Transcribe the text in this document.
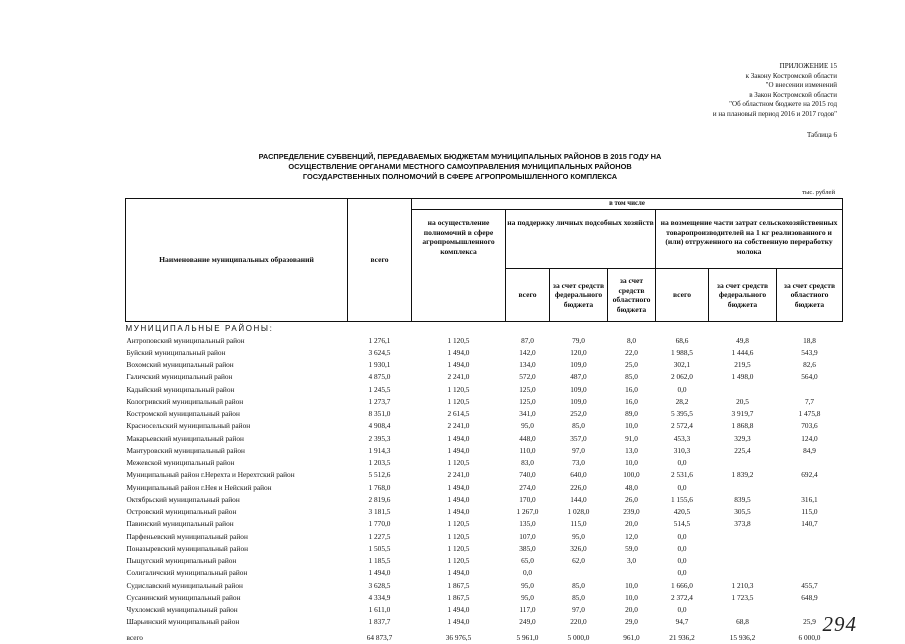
ПРИЛОЖЕНИЕ 15
к Закону Костромской области
"О внесении изменений
в Закон Костромской области
"Об областном бюджете на 2015 год
и на плановый период 2016 и 2017 годов"
Таблица 6
РАСПРЕДЕЛЕНИЕ СУБВЕНЦИЙ, ПЕРЕДАВАЕМЫХ БЮДЖЕТАМ МУНИЦИПАЛЬНЫХ РАЙОНОВ В 2015 ГОДУ НА
ОСУЩЕСТВЛЕНИЕ ОРГАНАМИ МЕСТНОГО САМОУПРАВЛЕНИЯ МУНИЦИПАЛЬНЫХ РАЙОНОВ
ГОСУДАРСТВЕННЫХ ПОЛНОМОЧИЙ В СФЕРЕ АГРОПРОМЫШЛЕННОГО КОМПЛЕКСА
тыс. рублей
Наименование муниципальных образований	всего	в том числе						
		на осуществление полномочий в сфере агропромышленного комплекса	на поддержку личных подсобных хозяйств			на возмещение части затрат сельскохозяйственных товаропроизводителей на 1 кг реализованного и (или) отгруженного на собственную переработку молока		
			всего	за счет средств федерального бюджета	за счет средств областного бюджета	всего	за счет средств федерального бюджета	за счет средств областного бюджета
МУНИЦИПАЛЬНЫЕ РАЙОНЫ:								
Антроповский муниципальный район	1 276,1	1 120,5	87,0	79,0	8,0	68,6	49,8	18,8
Буйский муниципальный район	3 624,5	1 494,0	142,0	120,0	22,0	1 988,5	1 444,6	543,9
Вохомский муниципальный район	1 930,1	1 494,0	134,0	109,0	25,0	302,1	219,5	82,6
Галичский муниципальный район	4 875,0	2 241,0	572,0	487,0	85,0	2 062,0	1 498,0	564,0
Кадыйский муниципальный район	1 245,5	1 120,5	125,0	109,0	16,0	0,0		
Кологривский муниципальный район	1 273,7	1 120,5	125,0	109,0	16,0	28,2	20,5	7,7
Костромской муниципальный район	8 351,0	2 614,5	341,0	252,0	89,0	5 395,5	3 919,7	1 475,8
Красносельский муниципальный район	4 908,4	2 241,0	95,0	85,0	10,0	2 572,4	1 868,8	703,6
Макарьевский муниципальный район	2 395,3	1 494,0	448,0	357,0	91,0	453,3	329,3	124,0
Мантуровский муниципальный район	1 914,3	1 494,0	110,0	97,0	13,0	310,3	225,4	84,9
Межевской муниципальный район	1 203,5	1 120,5	83,0	73,0	10,0	0,0		
Муниципальный район г.Нерехта и Нерехтский район	5 512,6	2 241,0	740,0	640,0	100,0	2 531,6	1 839,2	692,4
Муниципальный район г.Нея и Нейский район	1 768,0	1 494,0	274,0	226,0	48,0	0,0		
Октябрьский муниципальный район	2 819,6	1 494,0	170,0	144,0	26,0	1 155,6	839,5	316,1
Островский муниципальный район	3 181,5	1 494,0	1 267,0	1 028,0	239,0	420,5	305,5	115,0
Павинский муниципальный район	1 770,0	1 120,5	135,0	115,0	20,0	514,5	373,8	140,7
Парфеньевский муниципальный район	1 227,5	1 120,5	107,0	95,0	12,0	0,0		
Поназыревский муниципальный район	1 505,5	1 120,5	385,0	326,0	59,0	0,0		
Пыщугский муниципальный район	1 185,5	1 120,5	65,0	62,0	3,0	0,0		
Солигаличский муниципальный район	1 494,0	1 494,0	0,0			0,0		
Судиславский муниципальный район	3 628,5	1 867,5	95,0	85,0	10,0	1 666,0	1 210,3	455,7
Сусанинский муниципальный район	4 334,9	1 867,5	95,0	85,0	10,0	2 372,4	1 723,5	648,9
Чухломский муниципальный район	1 611,0	1 494,0	117,0	97,0	20,0	0,0		
Шарьинский муниципальный район	1 837,7	1 494,0	249,0	220,0	29,0	94,7	68,8	25,9
всего	64 873,7	36 976,5	5 961,0	5 000,0	961,0	21 936,2	15 936,2	6 000,0
294
